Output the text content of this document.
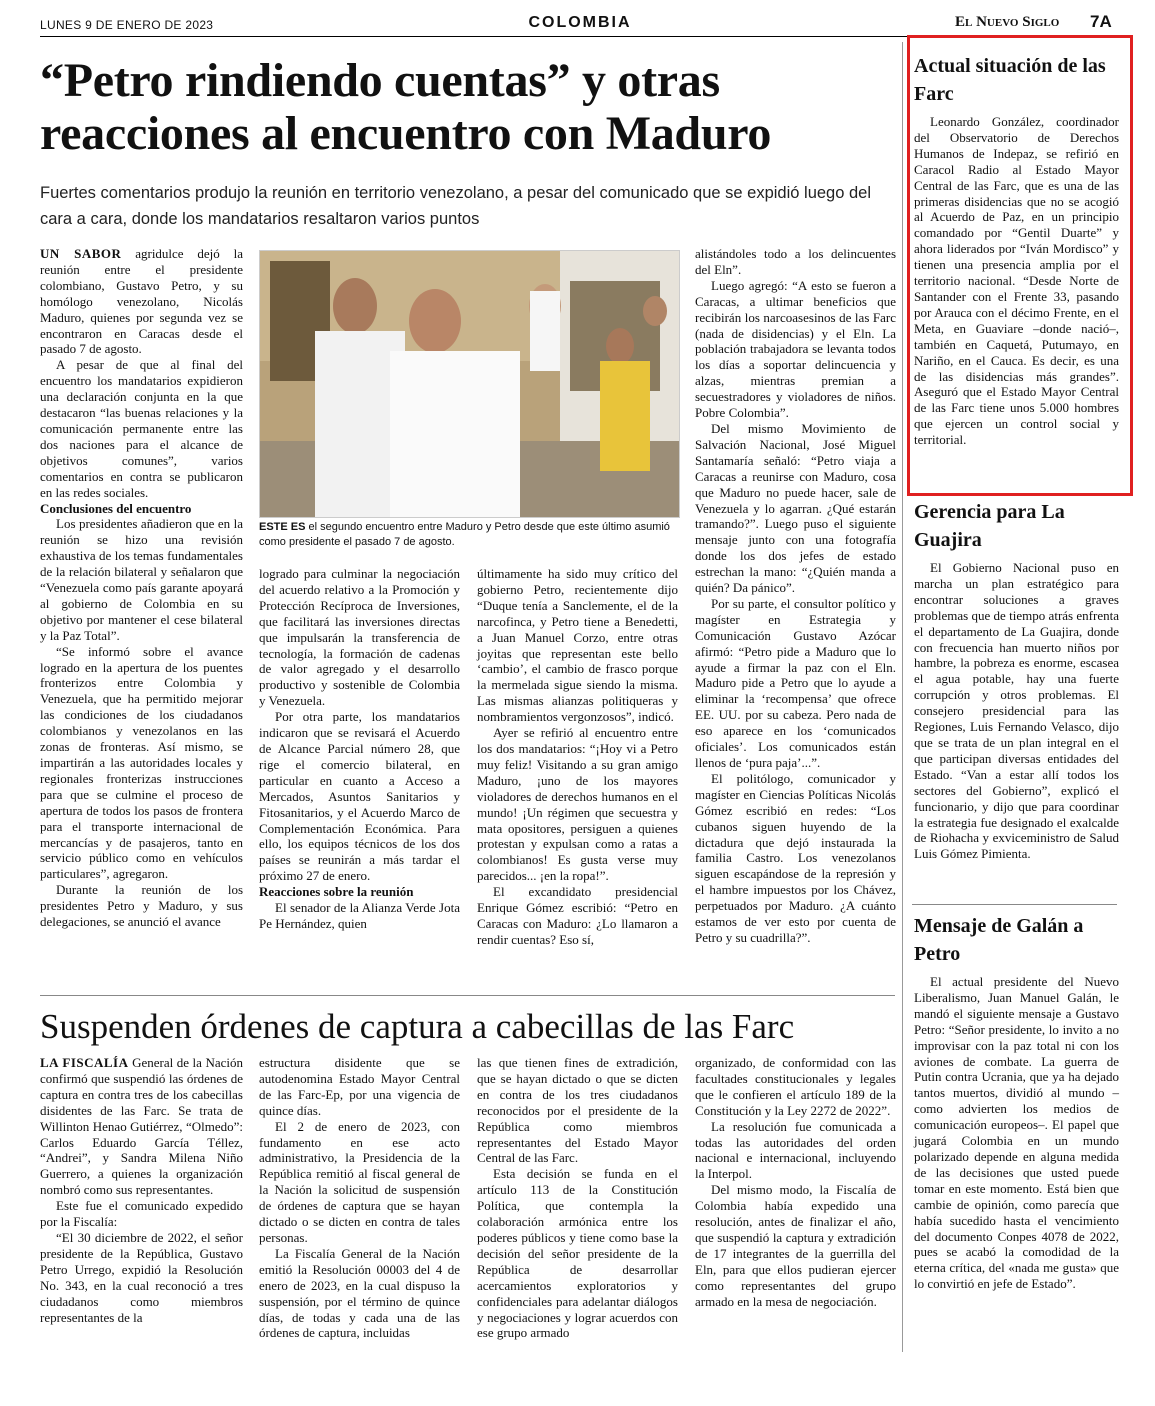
LUNES 9 DE ENERO DE 2023	COLOMBIA	El Nuevo Siglo 7A
“Petro rindiendo cuentas” y otras reacciones al encuentro con Maduro
Fuertes comentarios produjo la reunión en territorio venezolano, a pesar del comunicado que se expidió luego del cara a cara, donde los mandatarios resaltaron varios puntos

UN SABOR agridulce dejó la reunión entre el presidente colombiano, Gustavo Petro, y su homólogo venezolano, Nicolás Maduro, quienes por segunda vez se encontraron en Caracas desde el pasado 7 de agosto.

A pesar de que al final del encuentro los mandatarios expidieron una declaración conjunta en la que destacaron “las buenas relaciones y la comunicación permanente entre las dos naciones para el alcance de objetivos comunes”, varios comentarios en contra se publicaron en las redes sociales.

Conclusiones del encuentro

Los presidentes añadieron que en la reunión se hizo una revisión exhaustiva de los temas fundamentales de la relación bilateral y señalaron que “Venezuela como país garante apoyará al gobierno de Colombia en su objetivo por mantener el cese bilateral y la Paz Total”.

“Se informó sobre el avance logrado en la apertura de los puentes fronterizos entre Colombia y Venezuela, que ha permitido mejorar las condiciones de los ciudadanos colombianos y venezolanos en las zonas de fronteras. Así mismo, se impartirán a las autoridades locales y regionales fronterizas instrucciones para que se culmine el proceso de apertura de todos los pasos de frontera para el transporte internacional de mercancías y de pasajeros, tanto en servicio público como en vehículos particulares”, agregaron.

Durante la reunión de los presidentes Petro y Maduro, y sus delegaciones, se anunció el avance

ESTE ES el segundo encuentro entre Maduro y Petro desde que este último asumió como presidente el pasado 7 de agosto.

logrado para culminar la negociación del acuerdo relativo a la Promoción y Protección Recíproca de Inversiones, que facilitará las inversiones directas que impulsarán la transferencia de tecnología, la formación de cadenas de valor agregado y el desarrollo productivo y sostenible de Colombia y Venezuela.

Por otra parte, los mandatarios indicaron que se revisará el Acuerdo de Alcance Parcial número 28, que rige el comercio bilateral, en particular en cuanto a Acceso a Mercados, Asuntos Sanitarios y Fitosanitarios, y el Acuerdo Marco de Complementación Económica. Para ello, los equipos técnicos de los dos países se reunirán a más tardar el próximo 27 de enero.

Reacciones sobre la reunión

El senador de la Alianza Verde Jota Pe Hernández, quien

últimamente ha sido muy crítico del gobierno Petro, recientemente dijo “Duque tenía a Sanclemente, el de la narcofinca, y Petro tiene a Benedetti, a Juan Manuel Corzo, entre otras joyitas que representan este bello ‘cambio’, el cambio de frasco porque la mermelada sigue siendo la misma. Las mismas alianzas politiqueras y nombramientos vergonzosos”, indicó.

Ayer se refirió al encuentro entre los dos mandatarios: “¡Hoy vi a Petro muy feliz! Visitando a su gran amigo Maduro, ¡uno de los mayores violadores de derechos humanos en el mundo! ¡Un régimen que secuestra y mata opositores, persiguen a quienes protestan y expulsan como a ratas a colombianos! Es gusta verse muy parecidos... ¡en la ropa!”.

El excandidato presidencial Enrique Gómez escribió: “Petro en Caracas con Maduro: ¿Lo llamaron a rendir cuentas? Eso sí,

alistándoles todo a los delincuentes del Eln”.

Luego agregó: “A esto se fueron a Caracas, a ultimar beneficios que recibirán los narcoasesinos de las Farc (nada de disidencias) y el Eln. La población trabajadora se levanta todos los días a soportar delincuencia y alzas, mientras premian a secuestradores y violadores de niños. Pobre Colombia”.

Del mismo Movimiento de Salvación Nacional, José Miguel Santamaría señaló: “Petro viaja a Caracas a reunirse con Maduro, cosa que Maduro no puede hacer, sale de Venezuela y lo agarran. ¿Qué estarán tramando?”. Luego puso el siguiente mensaje junto con una fotografía donde los dos jefes de estado estrechan la mano: “¿Quién manda a quién? Da pánico”.

Por su parte, el consultor político y magíster en Estrategia y Comunicación Gustavo Azócar afirmó: “Petro pide a Maduro que lo ayude a firmar la paz con el Eln. Maduro pide a Petro que lo ayude a eliminar la ‘recompensa’ que ofrece EE. UU. por su cabeza. Pero nada de eso aparece en los ‘comunicados oficiales’. Los comunicados están llenos de ‘pura paja’...”.

El politólogo, comunicador y magíster en Ciencias Políticas Nicolás Gómez escribió en redes: “Los cubanos siguen huyendo de la dictadura que dejó instaurada la familia Castro. Los venezolanos siguen escapándose de la represión y el hambre impuestos por los Chávez, perpetuados por Maduro. ¿A cuánto estamos de ver esto por cuenta de Petro y su cuadrilla?”.

Suspenden órdenes de captura a cabecillas de las Farc

LA FISCALÍA General de la Nación confirmó que suspendió las órdenes de captura en contra tres de los cabecillas disidentes de las Farc. Se trata de Willinton Henao Gutiérrez, “Olmedo”: Carlos Eduardo García Téllez, “Andrei”, y Sandra Milena Niño Guerrero, a quienes la organización nombró como sus representantes.

Este fue el comunicado expedido por la Fiscalía:

“El 30 diciembre de 2022, el señor presidente de la República, Gustavo Petro Urrego, expidió la Resolución No. 343, en la cual reconoció a tres ciudadanos como miembros representantes de la

estructura disidente que se autodenomina Estado Mayor Central de las Farc-Ep, por una vigencia de quince días.

El 2 de enero de 2023, con fundamento en ese acto administrativo, la Presidencia de la República remitió al fiscal general de la Nación la solicitud de suspensión de órdenes de captura que se hayan dictado o se dicten en contra de tales personas.

La Fiscalía General de la Nación emitió la Resolución 00003 del 4 de enero de 2023, en la cual dispuso la suspensión, por el término de quince días, de todas y cada una de las órdenes de captura, incluidas

las que tienen fines de extradición, que se hayan dictado o que se dicten en contra de los tres ciudadanos reconocidos por el presidente de la República como miembros representantes del Estado Mayor Central de las Farc.

Esta decisión se funda en el artículo 113 de la Constitución Política, que contempla la colaboración armónica entre los poderes públicos y tiene como base la decisión del señor presidente de la República de desarrollar acercamientos exploratorios y confidenciales para adelantar diálogos y negociaciones y lograr acuerdos con ese grupo armado

organizado, de conformidad con las facultades constitucionales y legales que le confieren el artículo 189 de la Constitución y la Ley 2272 de 2022”.

La resolución fue comunicada a todas las autoridades del orden nacional e internacional, incluyendo la Interpol.

Del mismo modo, la Fiscalía de Colombia había expedido una resolución, antes de finalizar el año, que suspendió la captura y extradición de 17 integrantes de la guerrilla del Eln, para que ellos pudieran ejercer como representantes del grupo armado en la mesa de negociación.

Actual situación de las Farc

Leonardo González, coordinador del Observatorio de Derechos Humanos de Indepaz, se refirió en Caracol Radio al Estado Mayor Central de las Farc, que es una de las primeras disidencias que no se acogió al Acuerdo de Paz, en un principio comandado por “Gentil Duarte” y ahora liderados por “Iván Mordisco” y tienen una presencia amplia por el territorio nacional. “Desde Norte de Santander con el Frente 33, pasando por Arauca con el décimo Frente, en el Meta, en Guaviare –donde nació–, también en Caquetá, Putumayo, en Nariño, en el Cauca. Es decir, es una de las disidencias más grandes”. Aseguró que el Estado Mayor Central de las Farc tiene unos 5.000 hombres que ejercen un control social y territorial.

Gerencia para La Guajira

El Gobierno Nacional puso en marcha un plan estratégico para encontrar soluciones a graves problemas que de tiempo atrás enfrenta el departamento de La Guajira, donde con frecuencia han muerto niños por hambre, la pobreza es enorme, escasea el agua potable, hay una fuerte corrupción y otros problemas. El consejero presidencial para las Regiones, Luis Fernando Velasco, dijo que se trata de un plan integral en el que participan diversas entidades del Estado. “Van a estar allí todos los sectores del Gobierno”, explicó el funcionario, y dijo que para coordinar la estrategia fue designado el exalcalde de Riohacha y exviceministro de Salud Luis Gómez Pimienta.

Mensaje de Galán a Petro

El actual presidente del Nuevo Liberalismo, Juan Manuel Galán, le mandó el siguiente mensaje a Gustavo Petro: “Señor presidente, lo invito a no improvisar con la paz total ni con los aviones de combate. La guerra de Putin contra Ucrania, que ya ha dejado tantos muertos, dividió al mundo –como advierten los medios de comunicación europeos–. El papel que jugará Colombia en un mundo polarizado depende en alguna medida de las decisiones que usted puede tomar en este momento. Está bien que cambie de opinión, como parecía que había sucedido hasta el vencimiento del documento Conpes 4078 de 2022, pues se acabó la comodidad de la eterna crítica, del «nada me gusta» que lo convirtió en jefe de Estado”.
